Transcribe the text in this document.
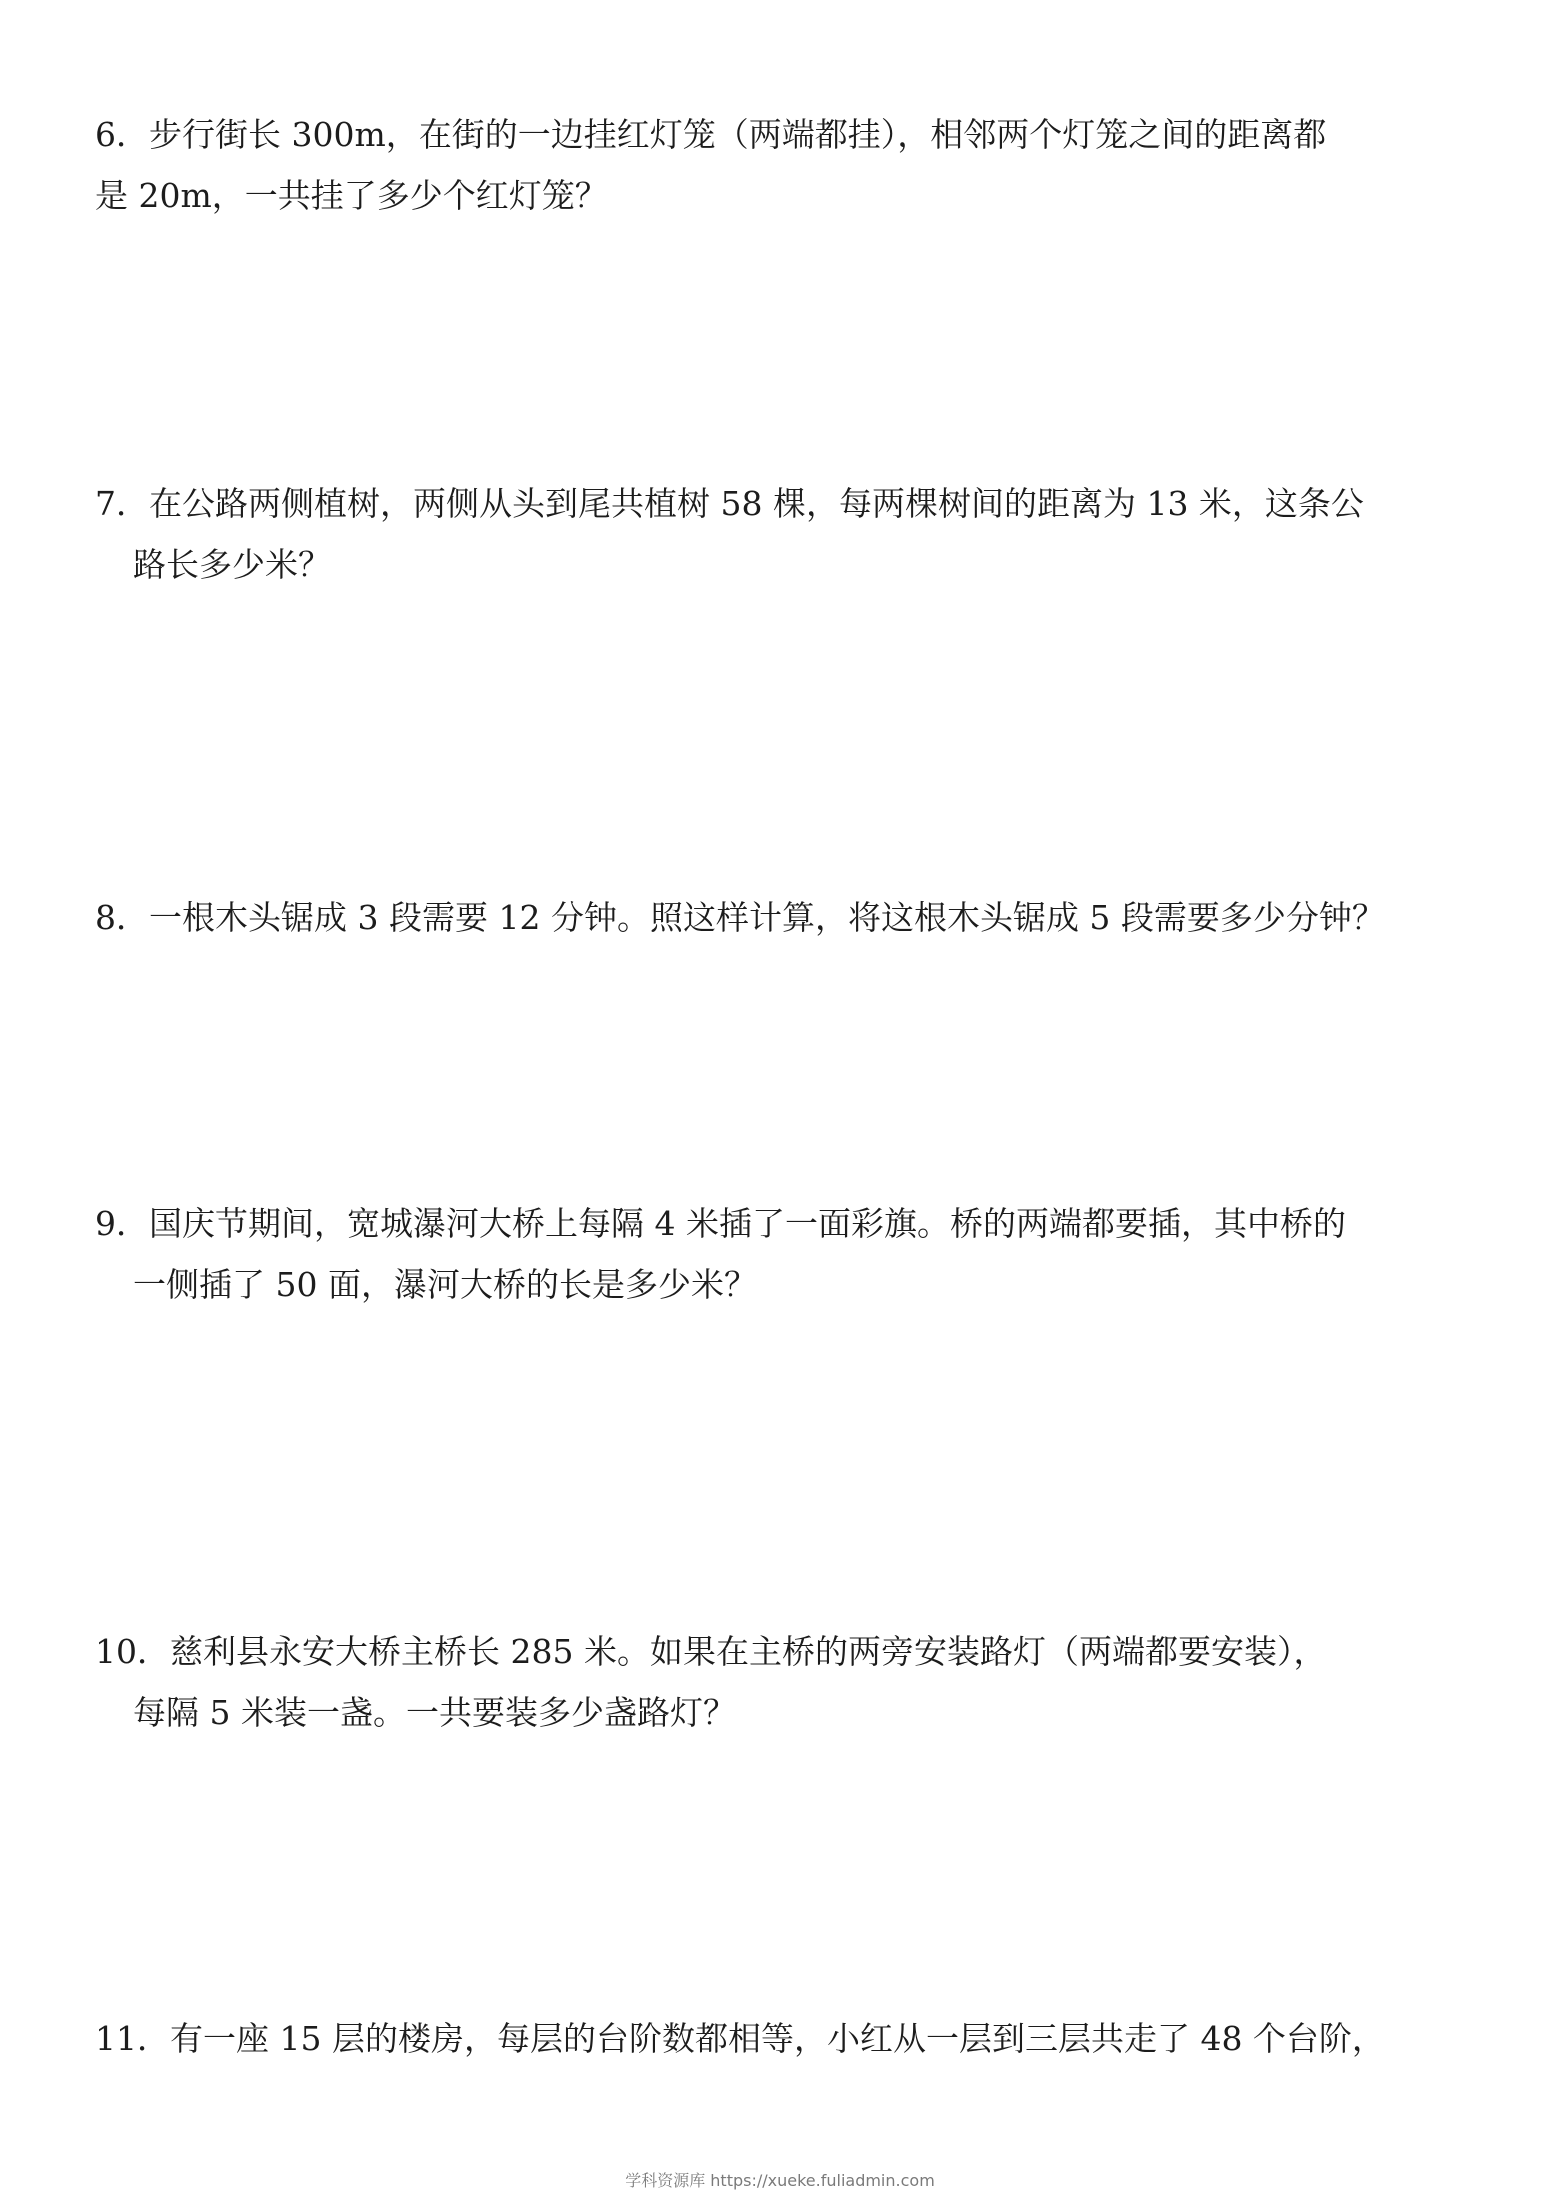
6．步行街长 300m，在街的一边挂红灯笼（两端都挂），相邻两个灯笼之间的距离都
是 20m，一共挂了多少个红灯笼？
7．在公路两侧植树，两侧从头到尾共植树 58 棵，每两棵树间的距离为 13 米，这条公
路长多少米？
8．一根木头锯成 3 段需要 12 分钟。照这样计算，将这根木头锯成 5 段需要多少分钟？
9．国庆节期间，宽城瀑河大桥上每隔 4 米插了一面彩旗。桥的两端都要插，其中桥的
一侧插了 50 面，瀑河大桥的长是多少米？
10．慈利县永安大桥主桥长 285 米。如果在主桥的两旁安装路灯（两端都要安装），
每隔 5 米装一盏。一共要装多少盏路灯？
11．有一座 15 层的楼房，每层的台阶数都相等，小红从一层到三层共走了 48 个台阶，
学科资源库 https://xueke.fuliadmin.com
